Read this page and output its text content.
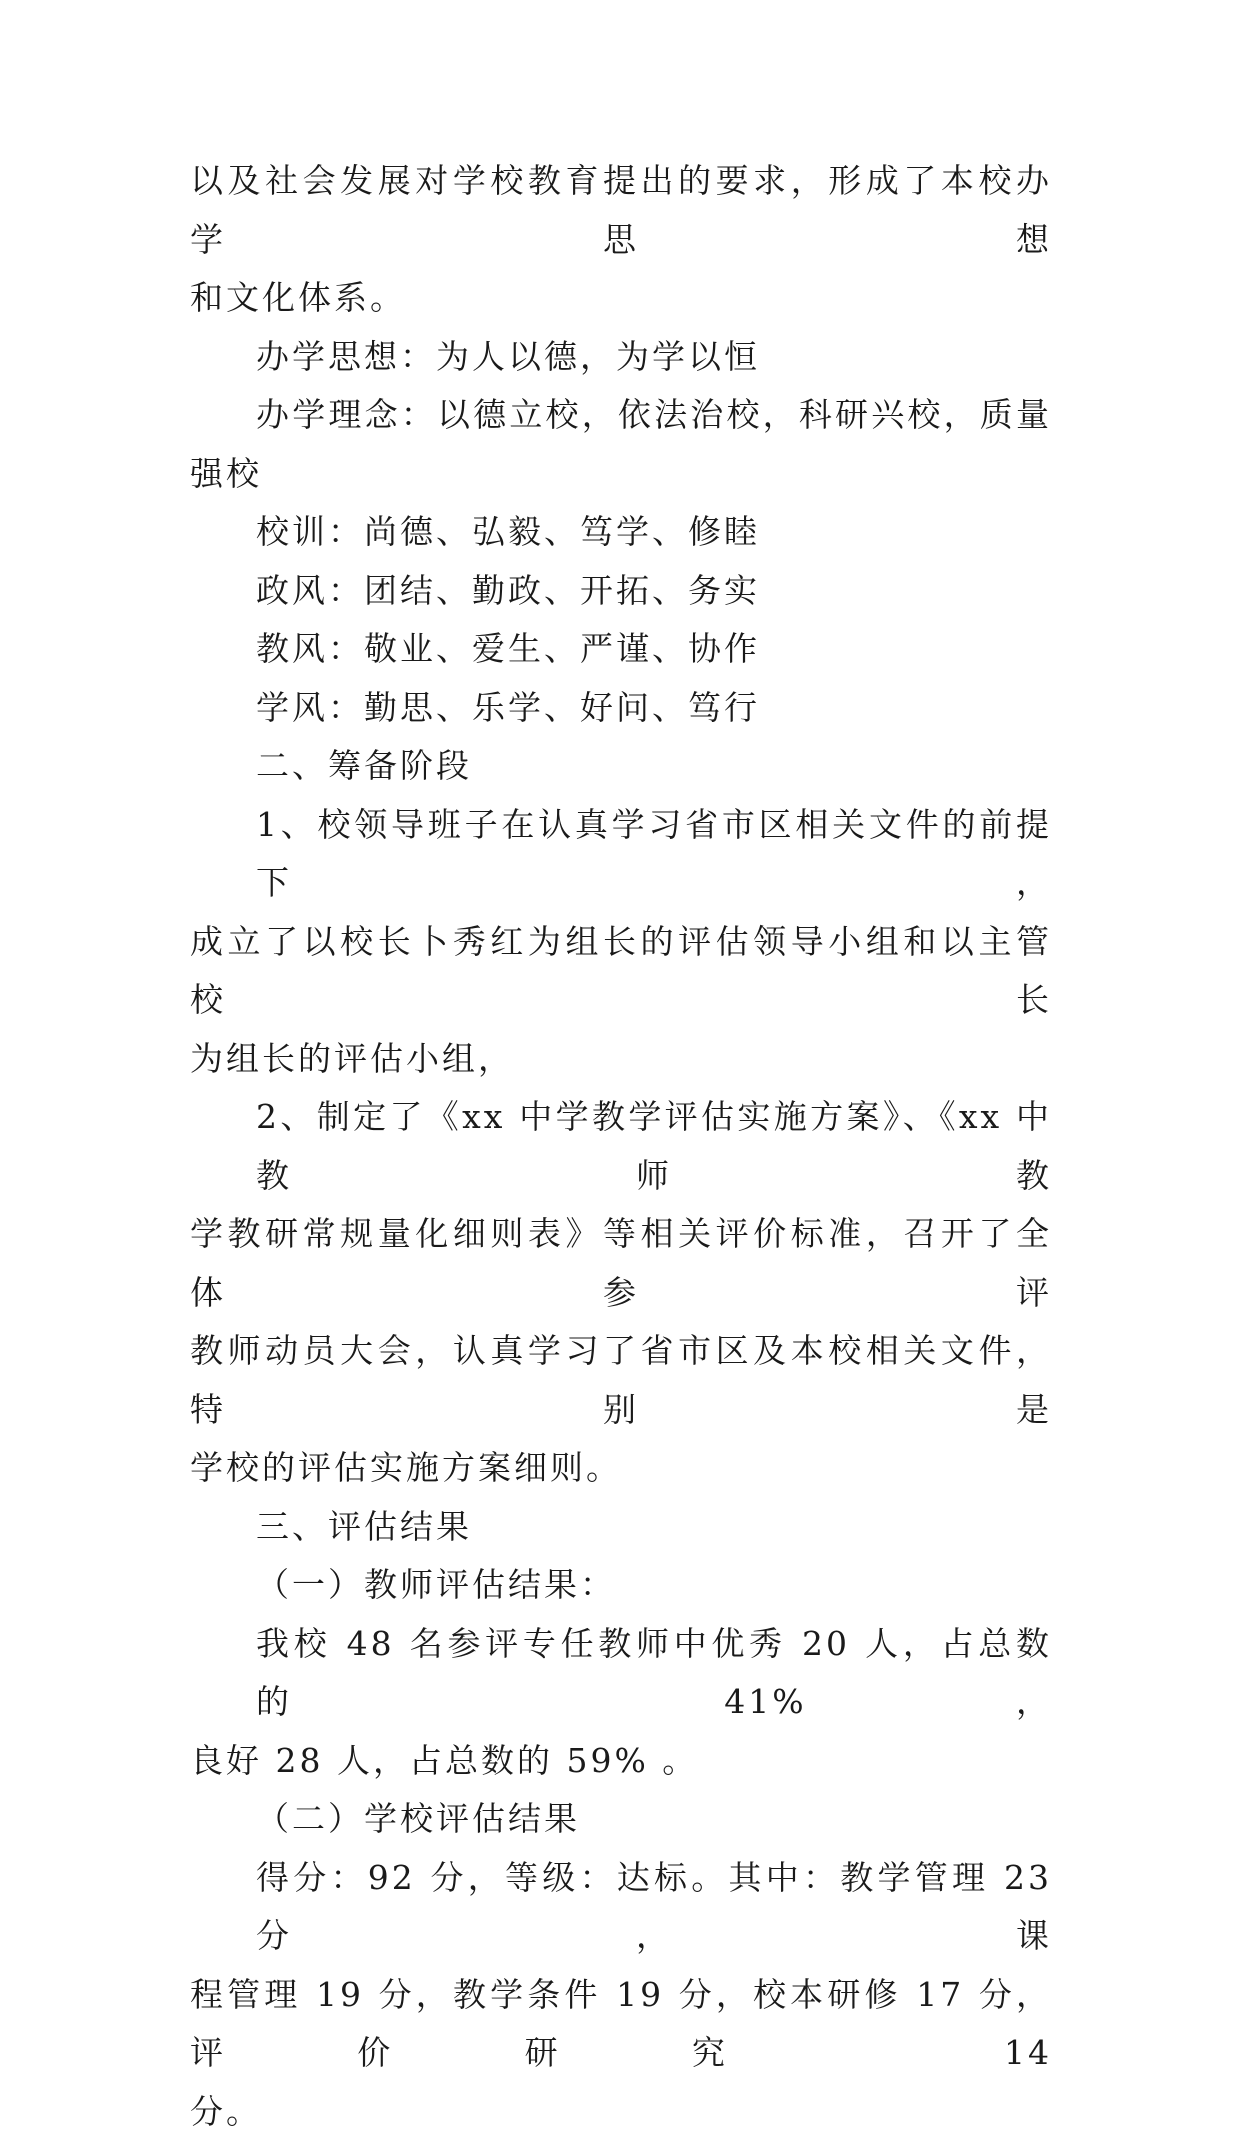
以及社会发展对学校教育提出的要求，形成了本校办学思想
和文化体系。

办学思想：为人以德，为学以恒

办学理念：以德立校，依法治校，科研兴校，质量强校

校训：尚德、弘毅、笃学、修睦

政风：团结、勤政、开拓、务实

教风：敬业、爱生、严谨、协作

学风：勤思、乐学、好问、笃行

二、筹备阶段

1、校领导班子在认真学习省市区相关文件的前提下，
成立了以校长卜秀红为组长的评估领导小组和以主管校长
为组长的评估小组，

2、制定了《xx 中学教学评估实施方案》、《xx 中教师教
学教研常规量化细则表》等相关评价标准，召开了全体参评
教师动员大会，认真学习了省市区及本校相关文件，特别是
学校的评估实施方案细则。

三、评估结果

（一）教师评估结果：

我校 48 名参评专任教师中优秀 20 人，占总数的 41%，
良好 28 人，占总数的 59% 。

（二）学校评估结果

得分：92 分，等级：达标。其中：教学管理 23 分，课
程管理 19 分，教学条件 19 分，校本研修 17 分，评价研究 14
分。
